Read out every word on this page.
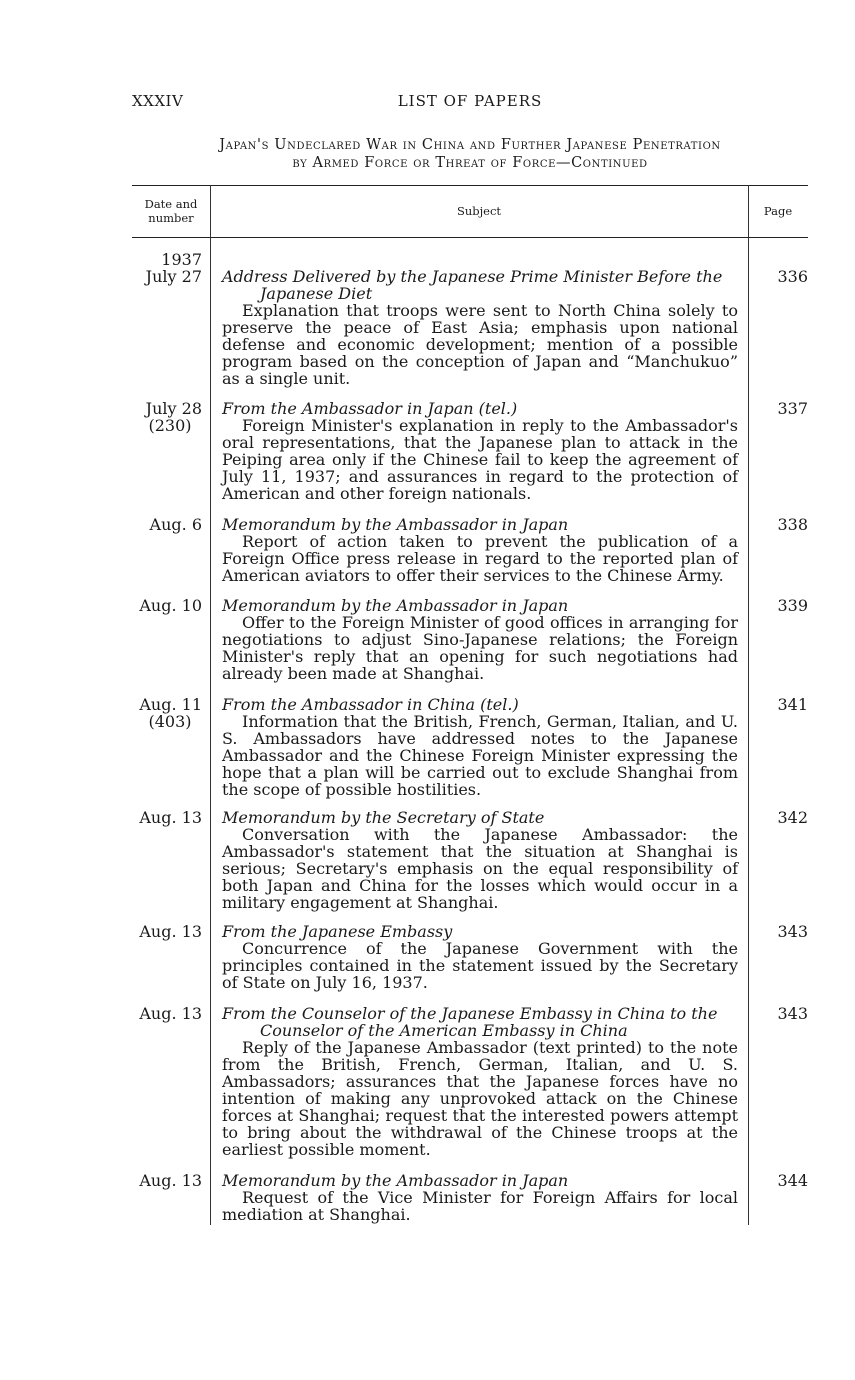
XXXIV	LIST OF PAPERS
Japan's Undeclared War in China and Further Japanese Penetration
by Armed Force or Threat of Force—Continued
Date and number	Subject	Page
1937
July 27 Address Delivered by the Japanese Prime Minister Before the
Japanese Diet
Explanation that troops were sent to North China solely to preserve the peace of East Asia; emphasis upon national defense and economic development; mention of a possible program based on the conception of Japan and “Manchukuo” as a single unit.
336
July 28
(230)
From the Ambassador in Japan (tel.)
Foreign Minister's explanation in reply to the Ambassador's oral representations, that the Japanese plan to attack in the Peiping area only if the Chinese fail to keep the agreement of July 11, 1937; and assurances in regard to the protection of American and other foreign nationals.
337
Aug. 6 Memorandum by the Ambassador in Japan
Report of action taken to prevent the publication of a Foreign Office press release in regard to the reported plan of American aviators to offer their services to the Chinese Army.
338
Aug. 10 Memorandum by the Ambassador in Japan
Offer to the Foreign Minister of good offices in arranging for negotiations to adjust Sino-Japanese relations; the Foreign Minister's reply that an opening for such negotiations had already been made at Shanghai.
339
Aug. 11
(403)
From the Ambassador in China (tel.)
Information that the British, French, German, Italian, and U. S. Ambassadors have addressed notes to the Japanese Ambassador and the Chinese Foreign Minister expressing the hope that a plan will be carried out to exclude Shanghai from the scope of possible hostilities.
341
Aug. 13 Memorandum by the Secretary of State
Conversation with the Japanese Ambassador: the Ambassador's statement that the situation at Shanghai is serious; Secretary's emphasis on the equal responsibility of both Japan and China for the losses which would occur in a military engagement at Shanghai.
342
Aug. 13 From the Japanese Embassy
Concurrence of the Japanese Government with the principles contained in the statement issued by the Secretary of State on July 16, 1937.
343
Aug. 13 From the Counselor of the Japanese Embassy in China to the
Counselor of the American Embassy in China
Reply of the Japanese Ambassador (text printed) to the note from the British, French, German, Italian, and U. S. Ambassadors; assurances that the Japanese forces have no intention of making any unprovoked attack on the Chinese forces at Shanghai; request that the interested powers attempt to bring about the withdrawal of the Chinese troops at the earliest possible moment.
343
Aug. 13 Memorandum by the Ambassador in Japan
Request of the Vice Minister for Foreign Affairs for local mediation at Shanghai.
344
